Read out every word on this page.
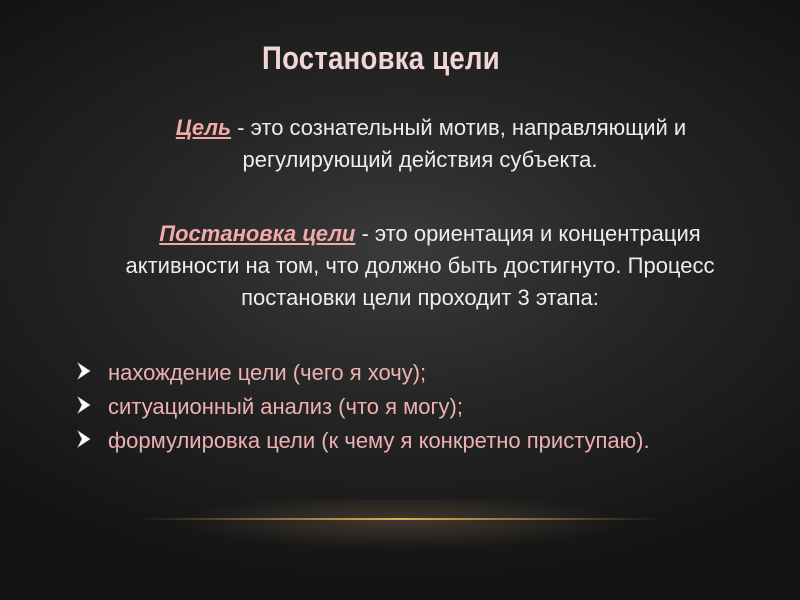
Постановка цели
Цель - это сознательный мотив, направляющий и
регулирующий действия субъекта.
Постановка цели - это ориентация и концентрация
активности на том, что должно быть достигнуто. Процесс
постановки цели проходит 3 этапа:
нахождение цели (чего я хочу);
ситуационный анализ (что я могу);
формулировка цели (к чему я конкретно приступаю).
